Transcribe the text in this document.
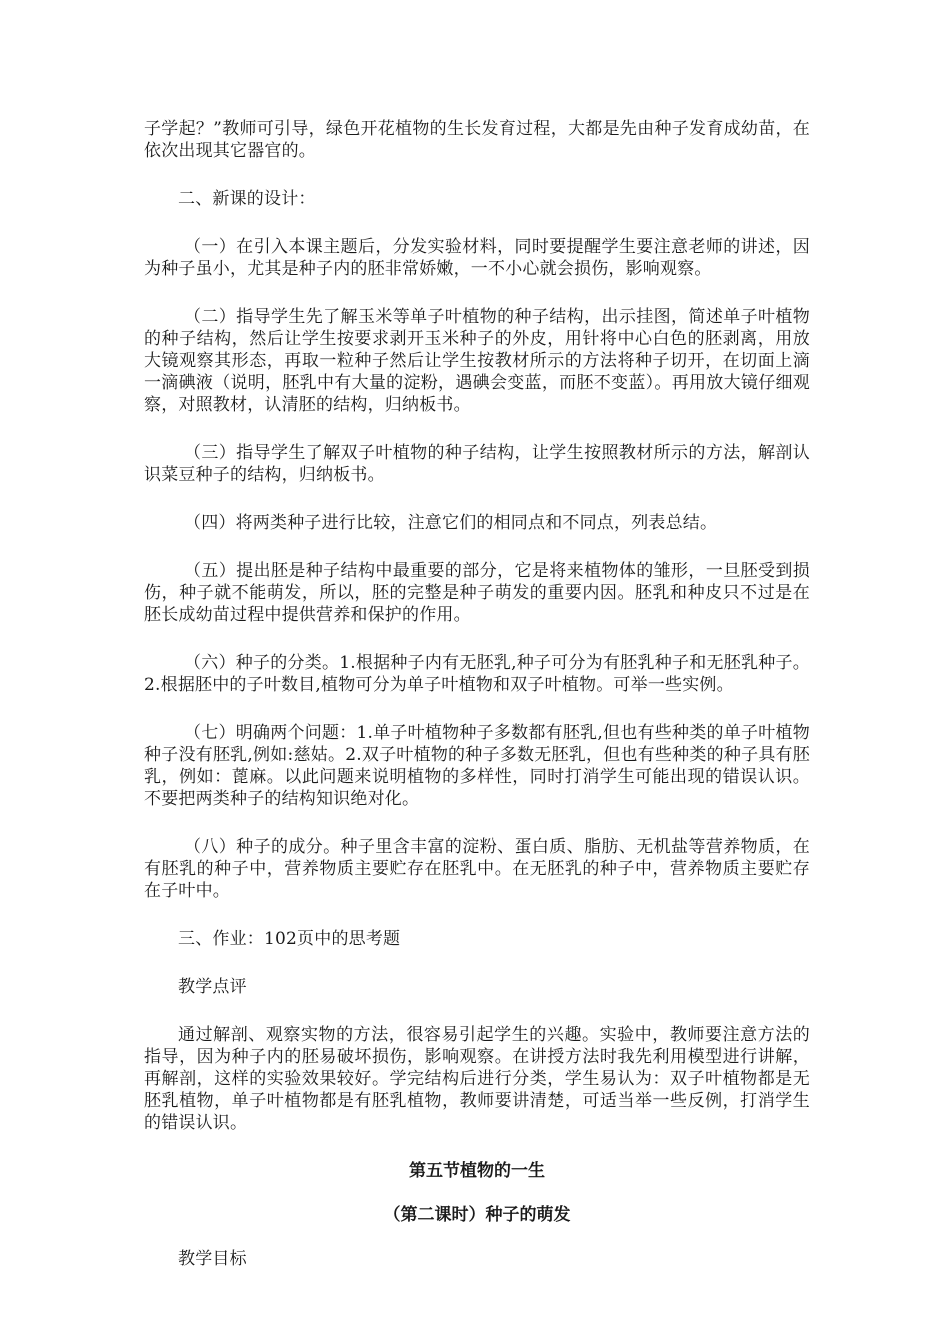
子学起？”教师可引导，绿色开花植物的生长发育过程，大都是先由种子发育成幼苗，在依次出现其它器官的。

二、新课的设计：

（一）在引入本课主题后，分发实验材料，同时要提醒学生要注意老师的讲述，因为种子虽小，尤其是种子内的胚非常娇嫩，一不小心就会损伤，影响观察。

（二）指导学生先了解玉米等单子叶植物的种子结构，出示挂图，简述单子叶植物的种子结构，然后让学生按要求剥开玉米种子的外皮，用针将中心白色的胚剥离，用放大镜观察其形态，再取一粒种子然后让学生按教材所示的方法将种子切开，在切面上滴一滴碘液（说明，胚乳中有大量的淀粉，遇碘会变蓝，而胚不变蓝）。再用放大镜仔细观察，对照教材，认清胚的结构，归纳板书。

（三）指导学生了解双子叶植物的种子结构，让学生按照教材所示的方法，解剖认识菜豆种子的结构，归纳板书。

（四）将两类种子进行比较，注意它们的相同点和不同点，列表总结。

（五）提出胚是种子结构中最重要的部分，它是将来植物体的雏形，一旦胚受到损伤，种子就不能萌发，所以，胚的完整是种子萌发的重要内因。胚乳和种皮只不过是在胚长成幼苗过程中提供营养和保护的作用。

（六）种子的分类。1.根据种子内有无胚乳,种子可分为有胚乳种子和无胚乳种子。2.根据胚中的子叶数目,植物可分为单子叶植物和双子叶植物。可举一些实例。

（七）明确两个问题：1.单子叶植物种子多数都有胚乳,但也有些种类的单子叶植物种子没有胚乳,例如:慈姑。2.双子叶植物的种子多数无胚乳，但也有些种类的种子具有胚乳，例如：蓖麻。以此问题来说明植物的多样性，同时打消学生可能出现的错误认识。不要把两类种子的结构知识绝对化。

（八）种子的成分。种子里含丰富的淀粉、蛋白质、脂肪、无机盐等营养物质，在有胚乳的种子中，营养物质主要贮存在胚乳中。在无胚乳的种子中，营养物质主要贮存在子叶中。

三、作业：102页中的思考题

教学点评

通过解剖、观察实物的方法，很容易引起学生的兴趣。实验中，教师要注意方法的指导，因为种子内的胚易破坏损伤，影响观察。在讲授方法时我先利用模型进行讲解，再解剖，这样的实验效果较好。学完结构后进行分类，学生易认为：双子叶植物都是无胚乳植物，单子叶植物都是有胚乳植物，教师要讲清楚，可适当举一些反例，打消学生的错误认识。

第五节植物的一生
（第二课时）种子的萌发

教学目标
